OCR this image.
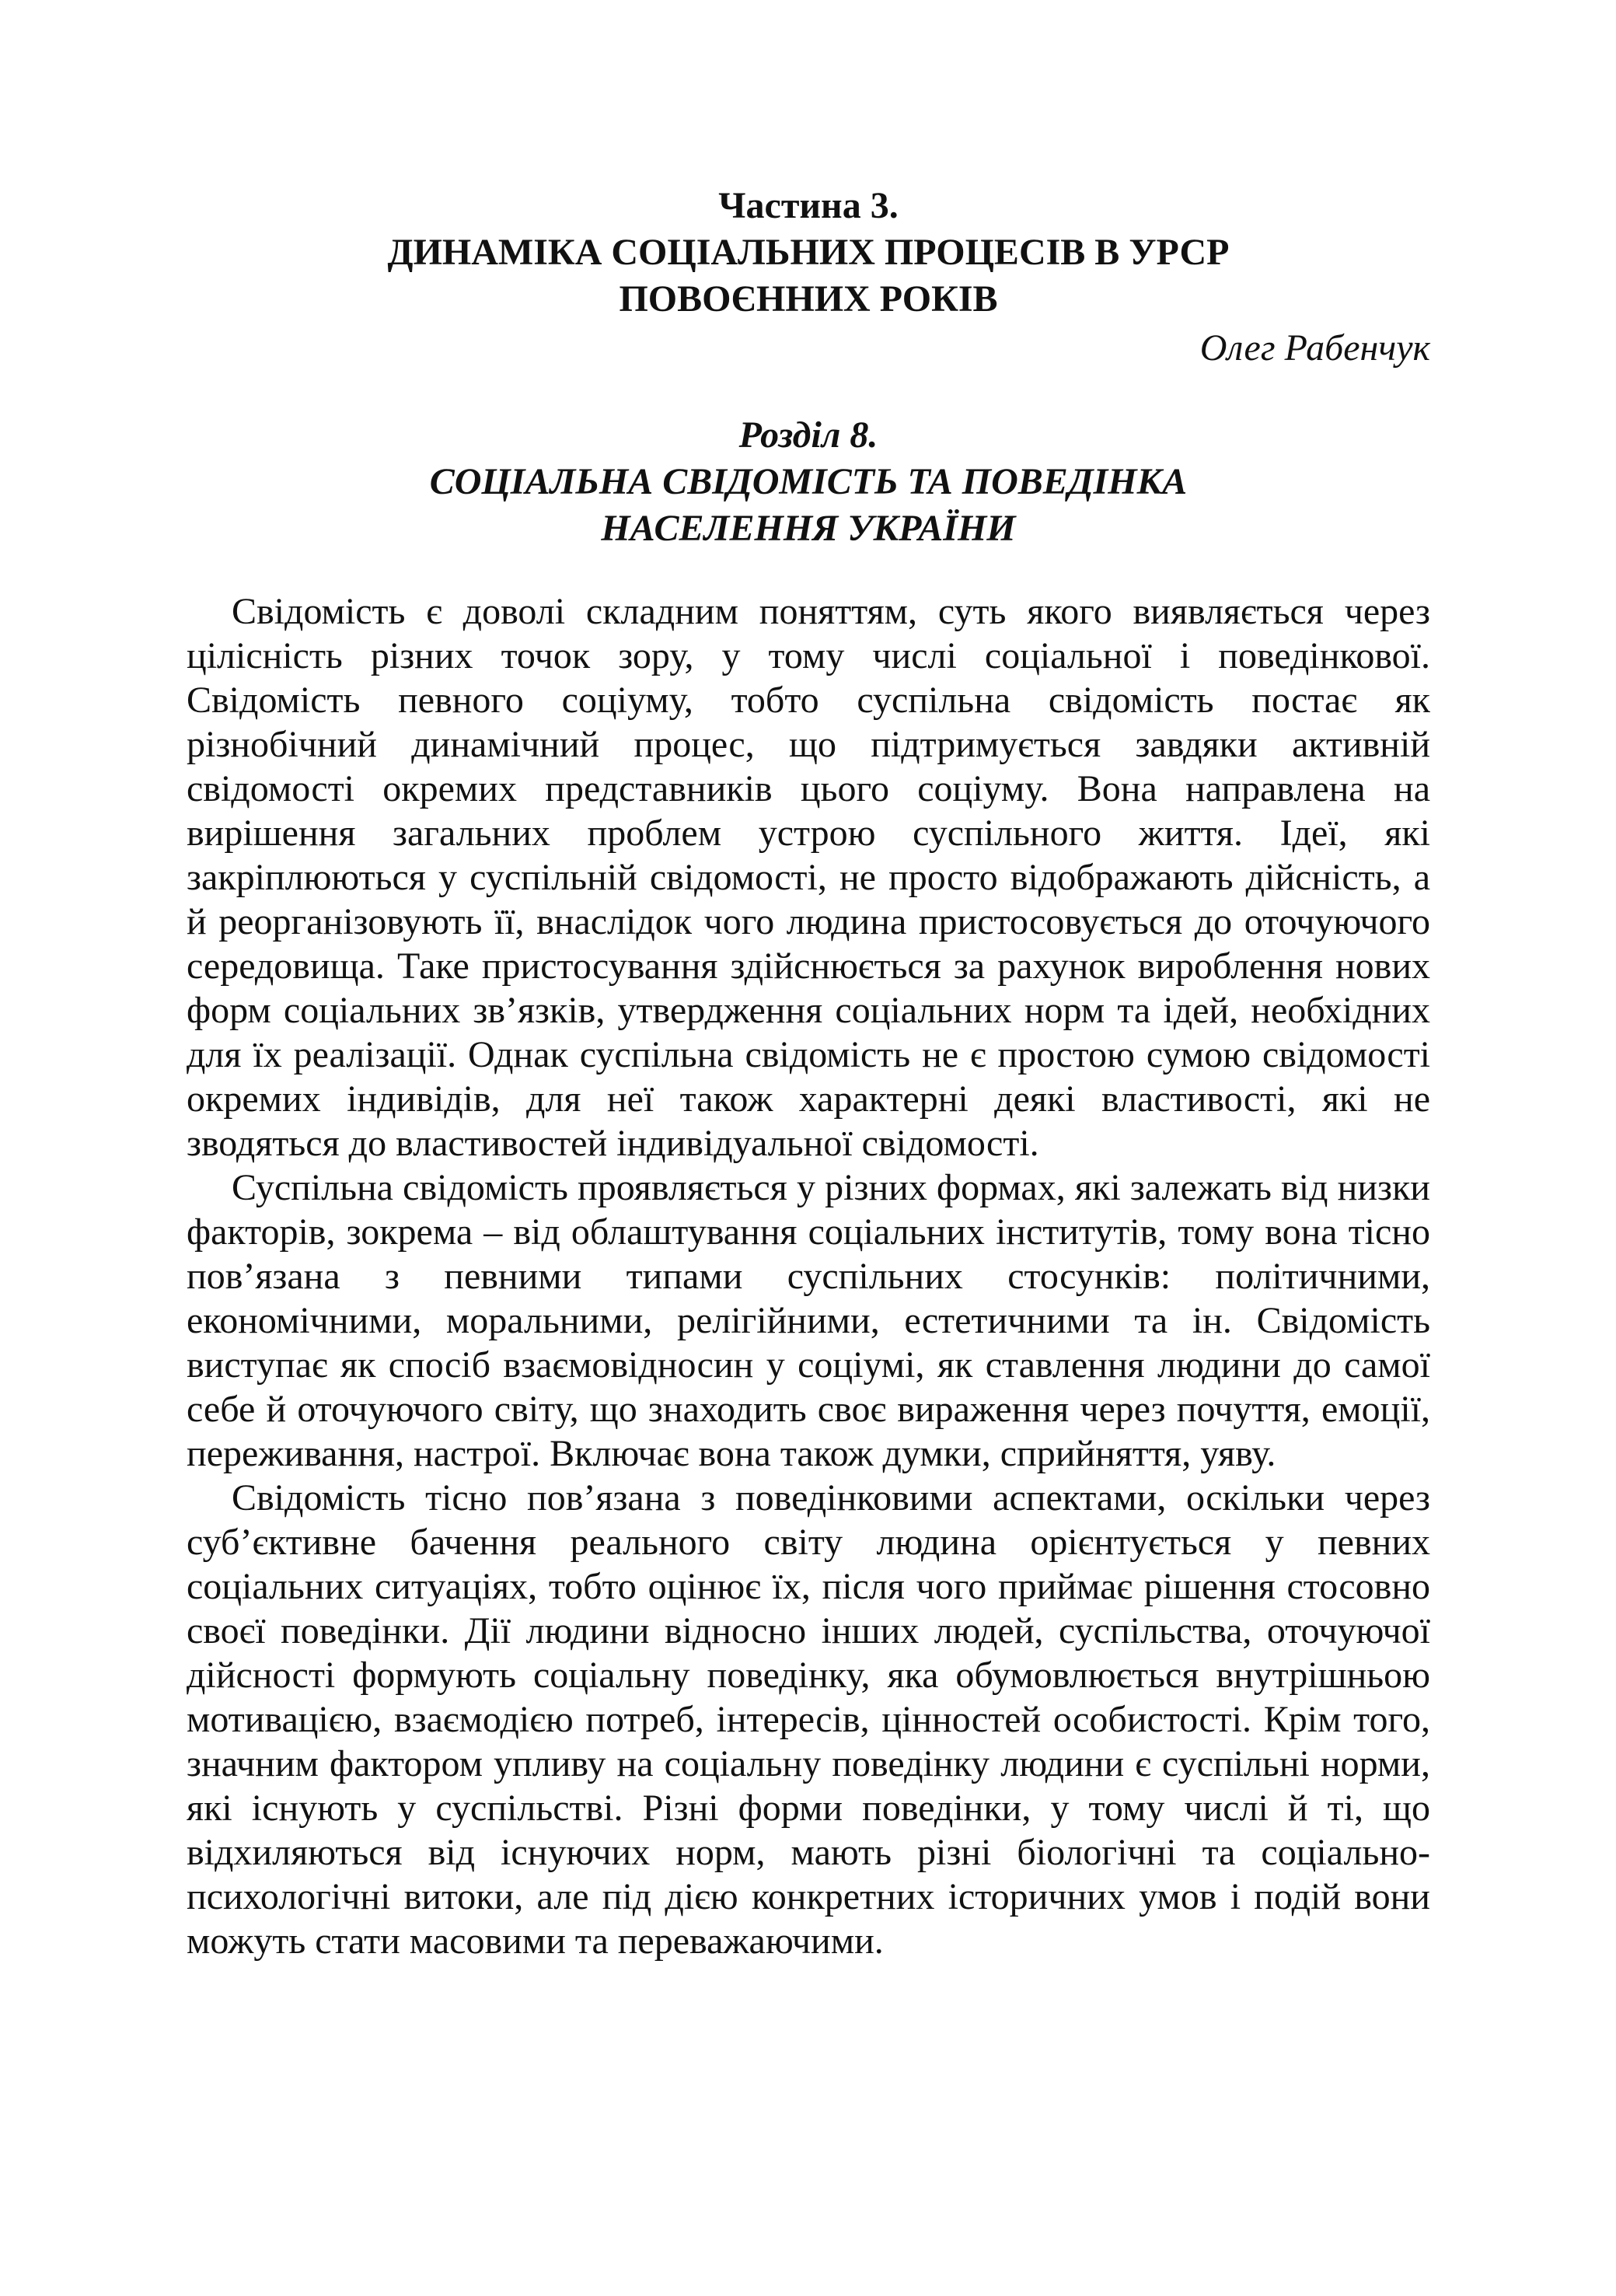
Частина 3.
ДИНАМІКА СОЦІАЛЬНИХ ПРОЦЕСІВ В УРСР
ПОВОЄННИХ РОКІВ
Олег Рабенчук
Розділ 8.
СОЦІАЛЬНА СВІДОМІСТЬ ТА ПОВЕДІНКА
НАСЕЛЕННЯ УКРАЇНИ

Свідомість є доволі складним поняттям, суть якого виявляється через цілісність різних точок зору, у тому числі соціальної і поведінкової. Свідомість певного соціуму, тобто суспільна свідомість постає як різнобічний динамічний процес, що підтримується завдяки активній свідомості окремих представників цього соціуму. Вона направлена на вирішення загальних проблем устрою суспільного життя. Ідеї, які закріплюються у суспільній свідомості, не просто відображають дійсність, а й реорганізовують її, внаслідок чого людина пристосовується до оточуючого середовища. Таке пристосування здійснюється за рахунок вироблення нових форм соціальних зв’язків, утвердження соціальних норм та ідей, необхідних для їх реалізації. Однак суспільна свідомість не є простою сумою свідомості окремих індивідів, для неї також характерні деякі властивості, які не зводяться до властивостей індивідуальної свідомості.

Суспільна свідомість проявляється у різних формах, які залежать від низки факторів, зокрема – від облаштування соціальних інститутів, тому вона тісно пов’язана з певними типами суспільних стосунків: політичними, економічними, моральними, релігійними, естетичними та ін. Свідомість виступає як спосіб взаємовідносин у соціумі, як ставлення людини до самої себе й оточуючого світу, що знаходить своє вираження через почуття, емоції, переживання, настрої. Включає вона також думки, сприйняття, уяву.

Свідомість тісно пов’язана з поведінковими аспектами, оскільки через суб’єктивне бачення реального світу людина орієнтується у певних соціальних ситуаціях, тобто оцінює їх, після чого приймає рішення стосовно своєї поведінки. Дії людини відносно інших людей, суспільства, оточуючої дійсності формують соціальну поведінку, яка обумовлюється внутрішньою мотивацією, взаємодією потреб, інтересів, цінностей особистості. Крім того, значним фактором упливу на соціальну поведінку людини є суспільні норми, які існують у суспільстві. Різні форми поведінки, у тому числі й ті, що відхиляються від існуючих норм, мають різні біологічні та соціально-психологічні витоки, але під дією конкретних історичних умов і подій вони можуть стати масовими та переважаючими.
